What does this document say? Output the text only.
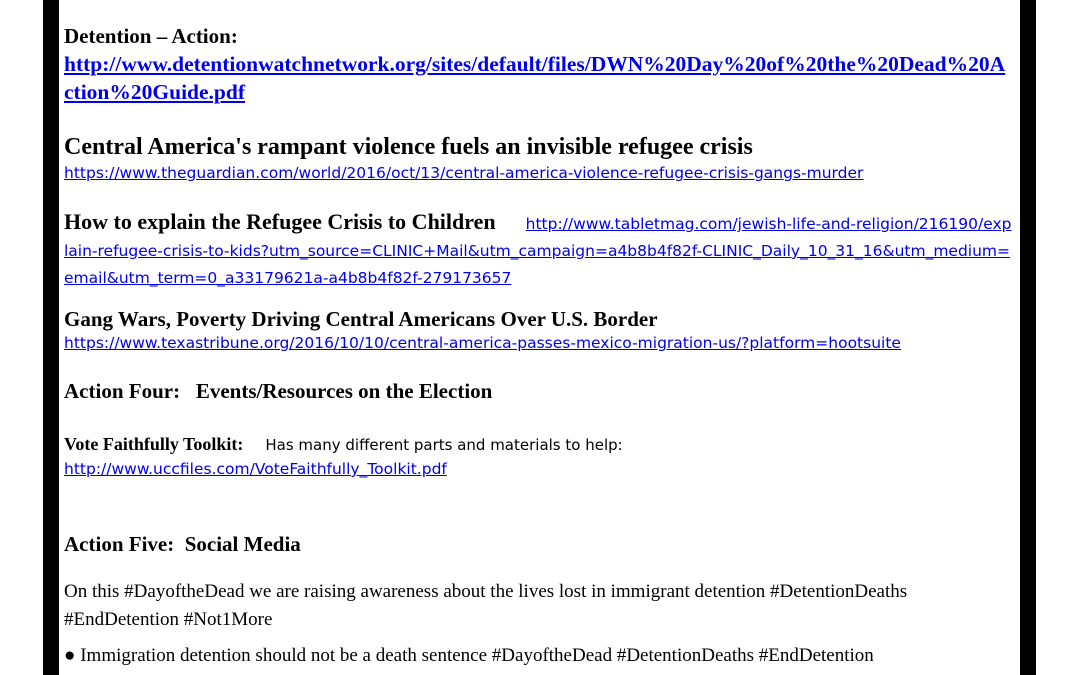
Detention – Action:
http://www.detentionwatchnetwork.org/sites/default/files/DWN%20Day%20of%20the%20Dead%20Action%20Guide.pdf
Central America's rampant violence fuels an invisible refugee crisis
https://www.theguardian.com/world/2016/oct/13/central-america-violence-refugee-crisis-gangs-murder
How to explain the Refugee Crisis to Children http://www.tabletmag.com/jewish-life-and-religion/216190/explain-refugee-crisis-to-kids?utm_source=CLINIC+Mail&utm_campaign=a4b8b4f82f-CLINIC_Daily_10_31_16&utm_medium=email&utm_term=0_a33179621a-a4b8b4f82f-279173657
Gang Wars, Poverty Driving Central Americans Over U.S. Border
https://www.texastribune.org/2016/10/10/central-america-passes-mexico-migration-us/?platform=hootsuite
Action Four:   Events/Resources on the Election
Vote Faithfully Toolkit: Has many different parts and materials to help:
http://www.uccfiles.com/VoteFaithfully_Toolkit.pdf
Action Five:  Social Media

On this #DayoftheDead we are raising awareness about the lives lost in immigrant detention #DetentionDeaths #EndDetention #Not1More

● Immigration detention should not be a death sentence #DayoftheDead #DetentionDeaths #EndDetention
